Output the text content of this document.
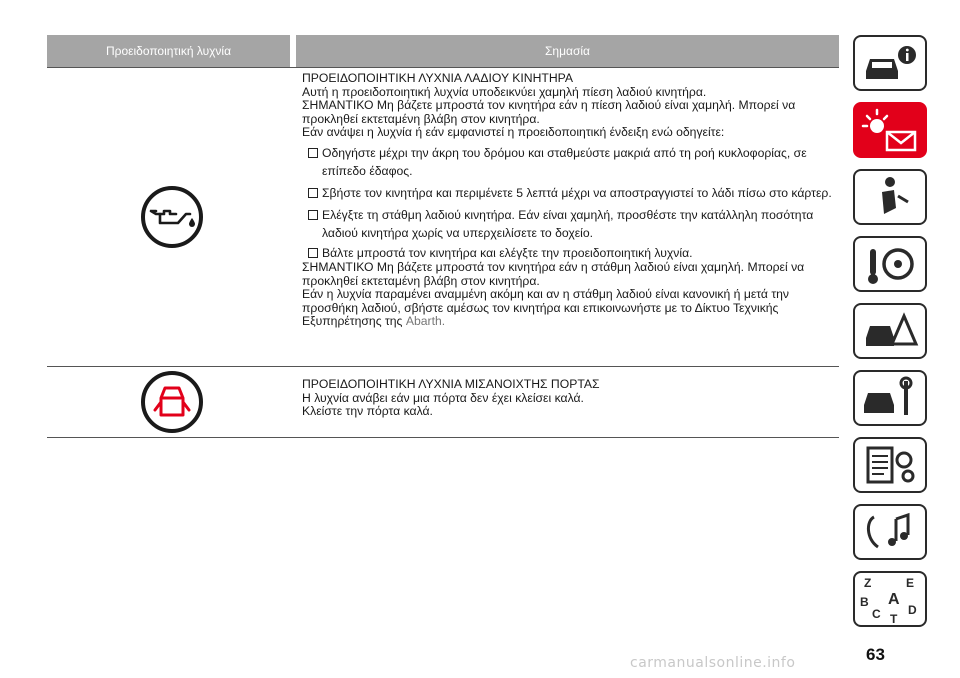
Προειδοποιητική λυχνία	Σημασία
ΠΡΟΕΙΔΟΠΟΙΗΤΙΚΗ ΛΥΧΝΙΑ ΛΑΔΙΟΥ ΚΙΝΗΤΗΡΑ
Αυτή η προειδοποιητική λυχνία υποδεικνύει χαμηλή πίεση λαδιού κινητήρα.
ΣΗΜΑΝΤΙΚΟ Μη βάζετε μπροστά τον κινητήρα εάν η πίεση λαδιού είναι χαμηλή. Μπορεί να προκληθεί εκτεταμένη βλάβη στον κινητήρα.
Εάν ανάψει η λυχνία ή εάν εμφανιστεί η προειδοποιητική ένδειξη ενώ οδηγείτε:
Οδηγήστε μέχρι την άκρη του δρόμου και σταθμεύστε μακριά από τη ροή κυκλοφορίας, σε επίπεδο έδαφος.
Σβήστε τον κινητήρα και περιμένετε 5 λεπτά μέχρι να αποστραγγιστεί το λάδι πίσω στο κάρτερ.
Ελέγξτε τη στάθμη λαδιού κινητήρα. Εάν είναι χαμηλή, προσθέστε την κατάλληλη ποσότητα λαδιού κινητήρα χωρίς να υπερχειλίσετε το δοχείο.
Βάλτε μπροστά τον κινητήρα και ελέγξτε την προειδοποιητική λυχνία.
ΣΗΜΑΝΤΙΚΟ Μη βάζετε μπροστά τον κινητήρα εάν η στάθμη λαδιού είναι χαμηλή. Μπορεί να προκληθεί εκτεταμένη βλάβη στον κινητήρα.
Εάν η λυχνία παραμένει αναμμένη ακόμη και αν η στάθμη λαδιού είναι κανονική ή μετά την προσθήκη λαδιού, σβήστε αμέσως τον κινητήρα και επικοινωνήστε με το Δίκτυο Τεχνικής Εξυπηρέτησης της Abarth.
ΠΡΟΕΙΔΟΠΟΙΗΤΙΚΗ ΛΥΧΝΙΑ ΜΙΣΑΝΟΙΧΤΗΣ ΠΟΡΤΑΣ
Η λυχνία ανάβει εάν μια πόρτα δεν έχει κλείσει καλά.
Κλείστε την πόρτα καλά.
Z	E
B A
C D
T
63
carmanualsonline.info
